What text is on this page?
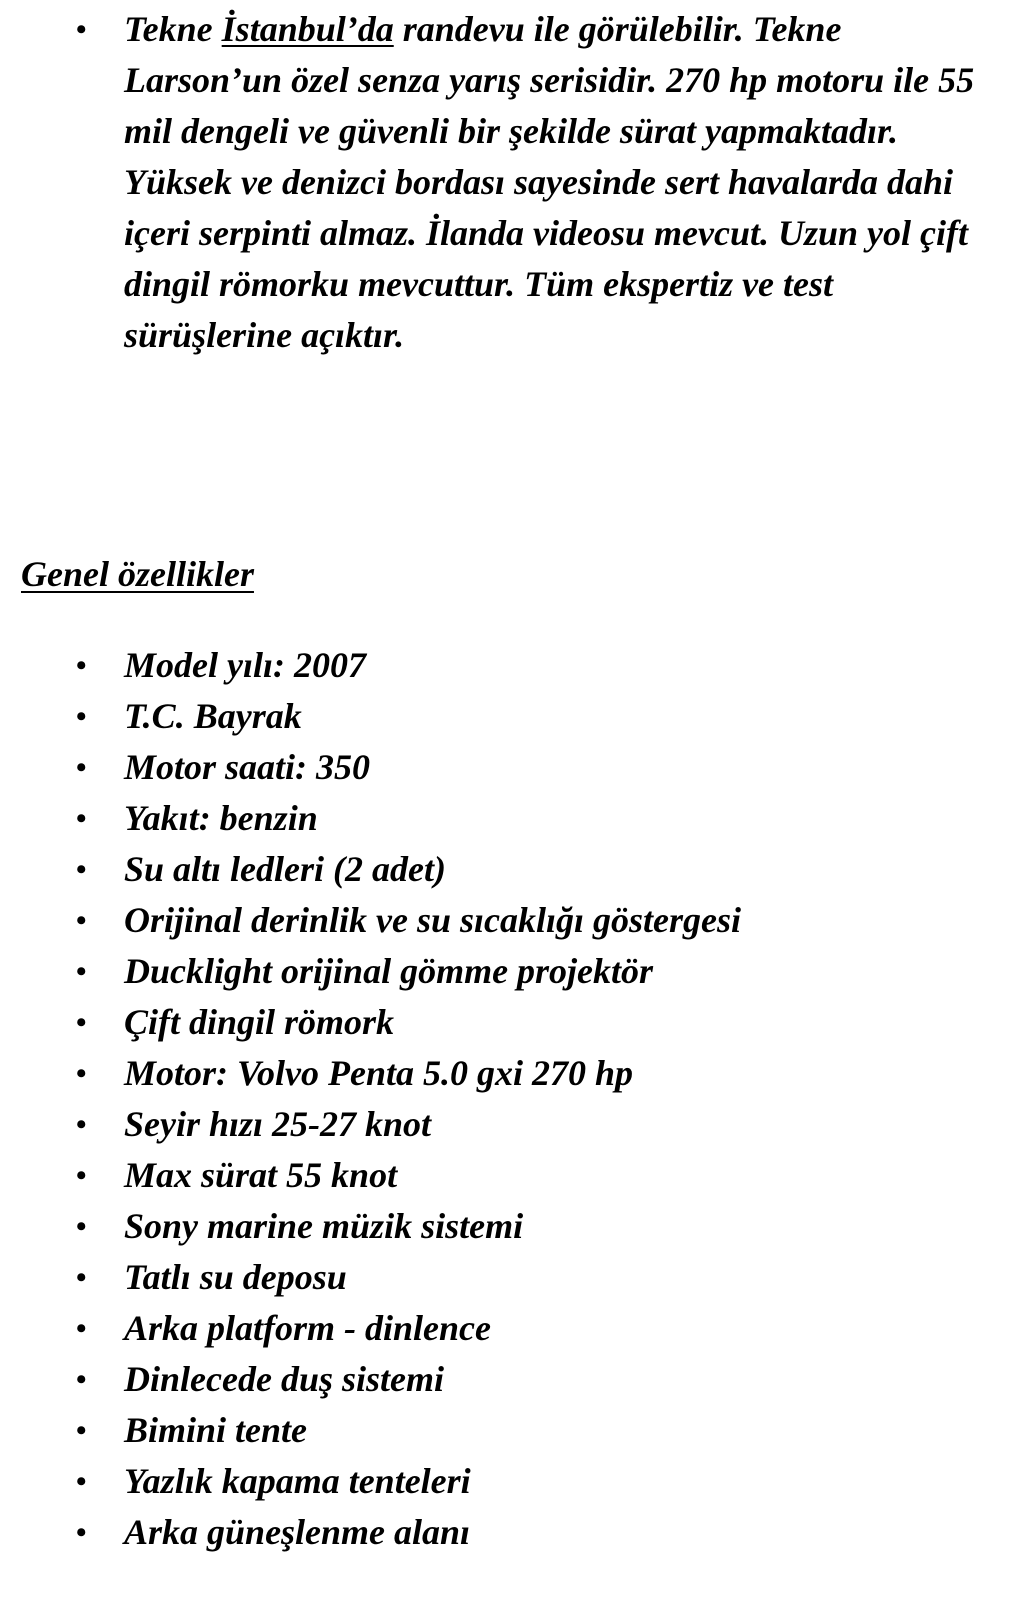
• Tekne İstanbul’da randevu ile görülebilir. Tekne Larson’un özel senza yarış serisidir. 270 hp motoru ile 55 mil dengeli ve güvenli bir şekilde sürat yapmaktadır. Yüksek ve denizci bordası sayesinde sert havalarda dahi içeri serpinti almaz. İlanda videosu mevcut. Uzun yol çift dingil römorku mevcuttur. Tüm ekspertiz ve test sürüşlerine açıktır.
Genel özellikler
• Model yılı: 2007
• T.C. Bayrak
• Motor saati: 350
• Yakıt: benzin
• Su altı ledleri (2 adet)
• Orijinal derinlik ve su sıcaklığı göstergesi
• Ducklight orijinal gömme projektör
• Çift dingil römork
• Motor: Volvo Penta 5.0 gxi 270 hp
• Seyir hızı 25-27 knot
• Max sürat 55 knot
• Sony marine müzik sistemi
• Tatlı su deposu
• Arka platform - dinlence
• Dinlecede duş sistemi
• Bimini tente
• Yazlık kapama tenteleri
• Arka güneşlenme alanı
